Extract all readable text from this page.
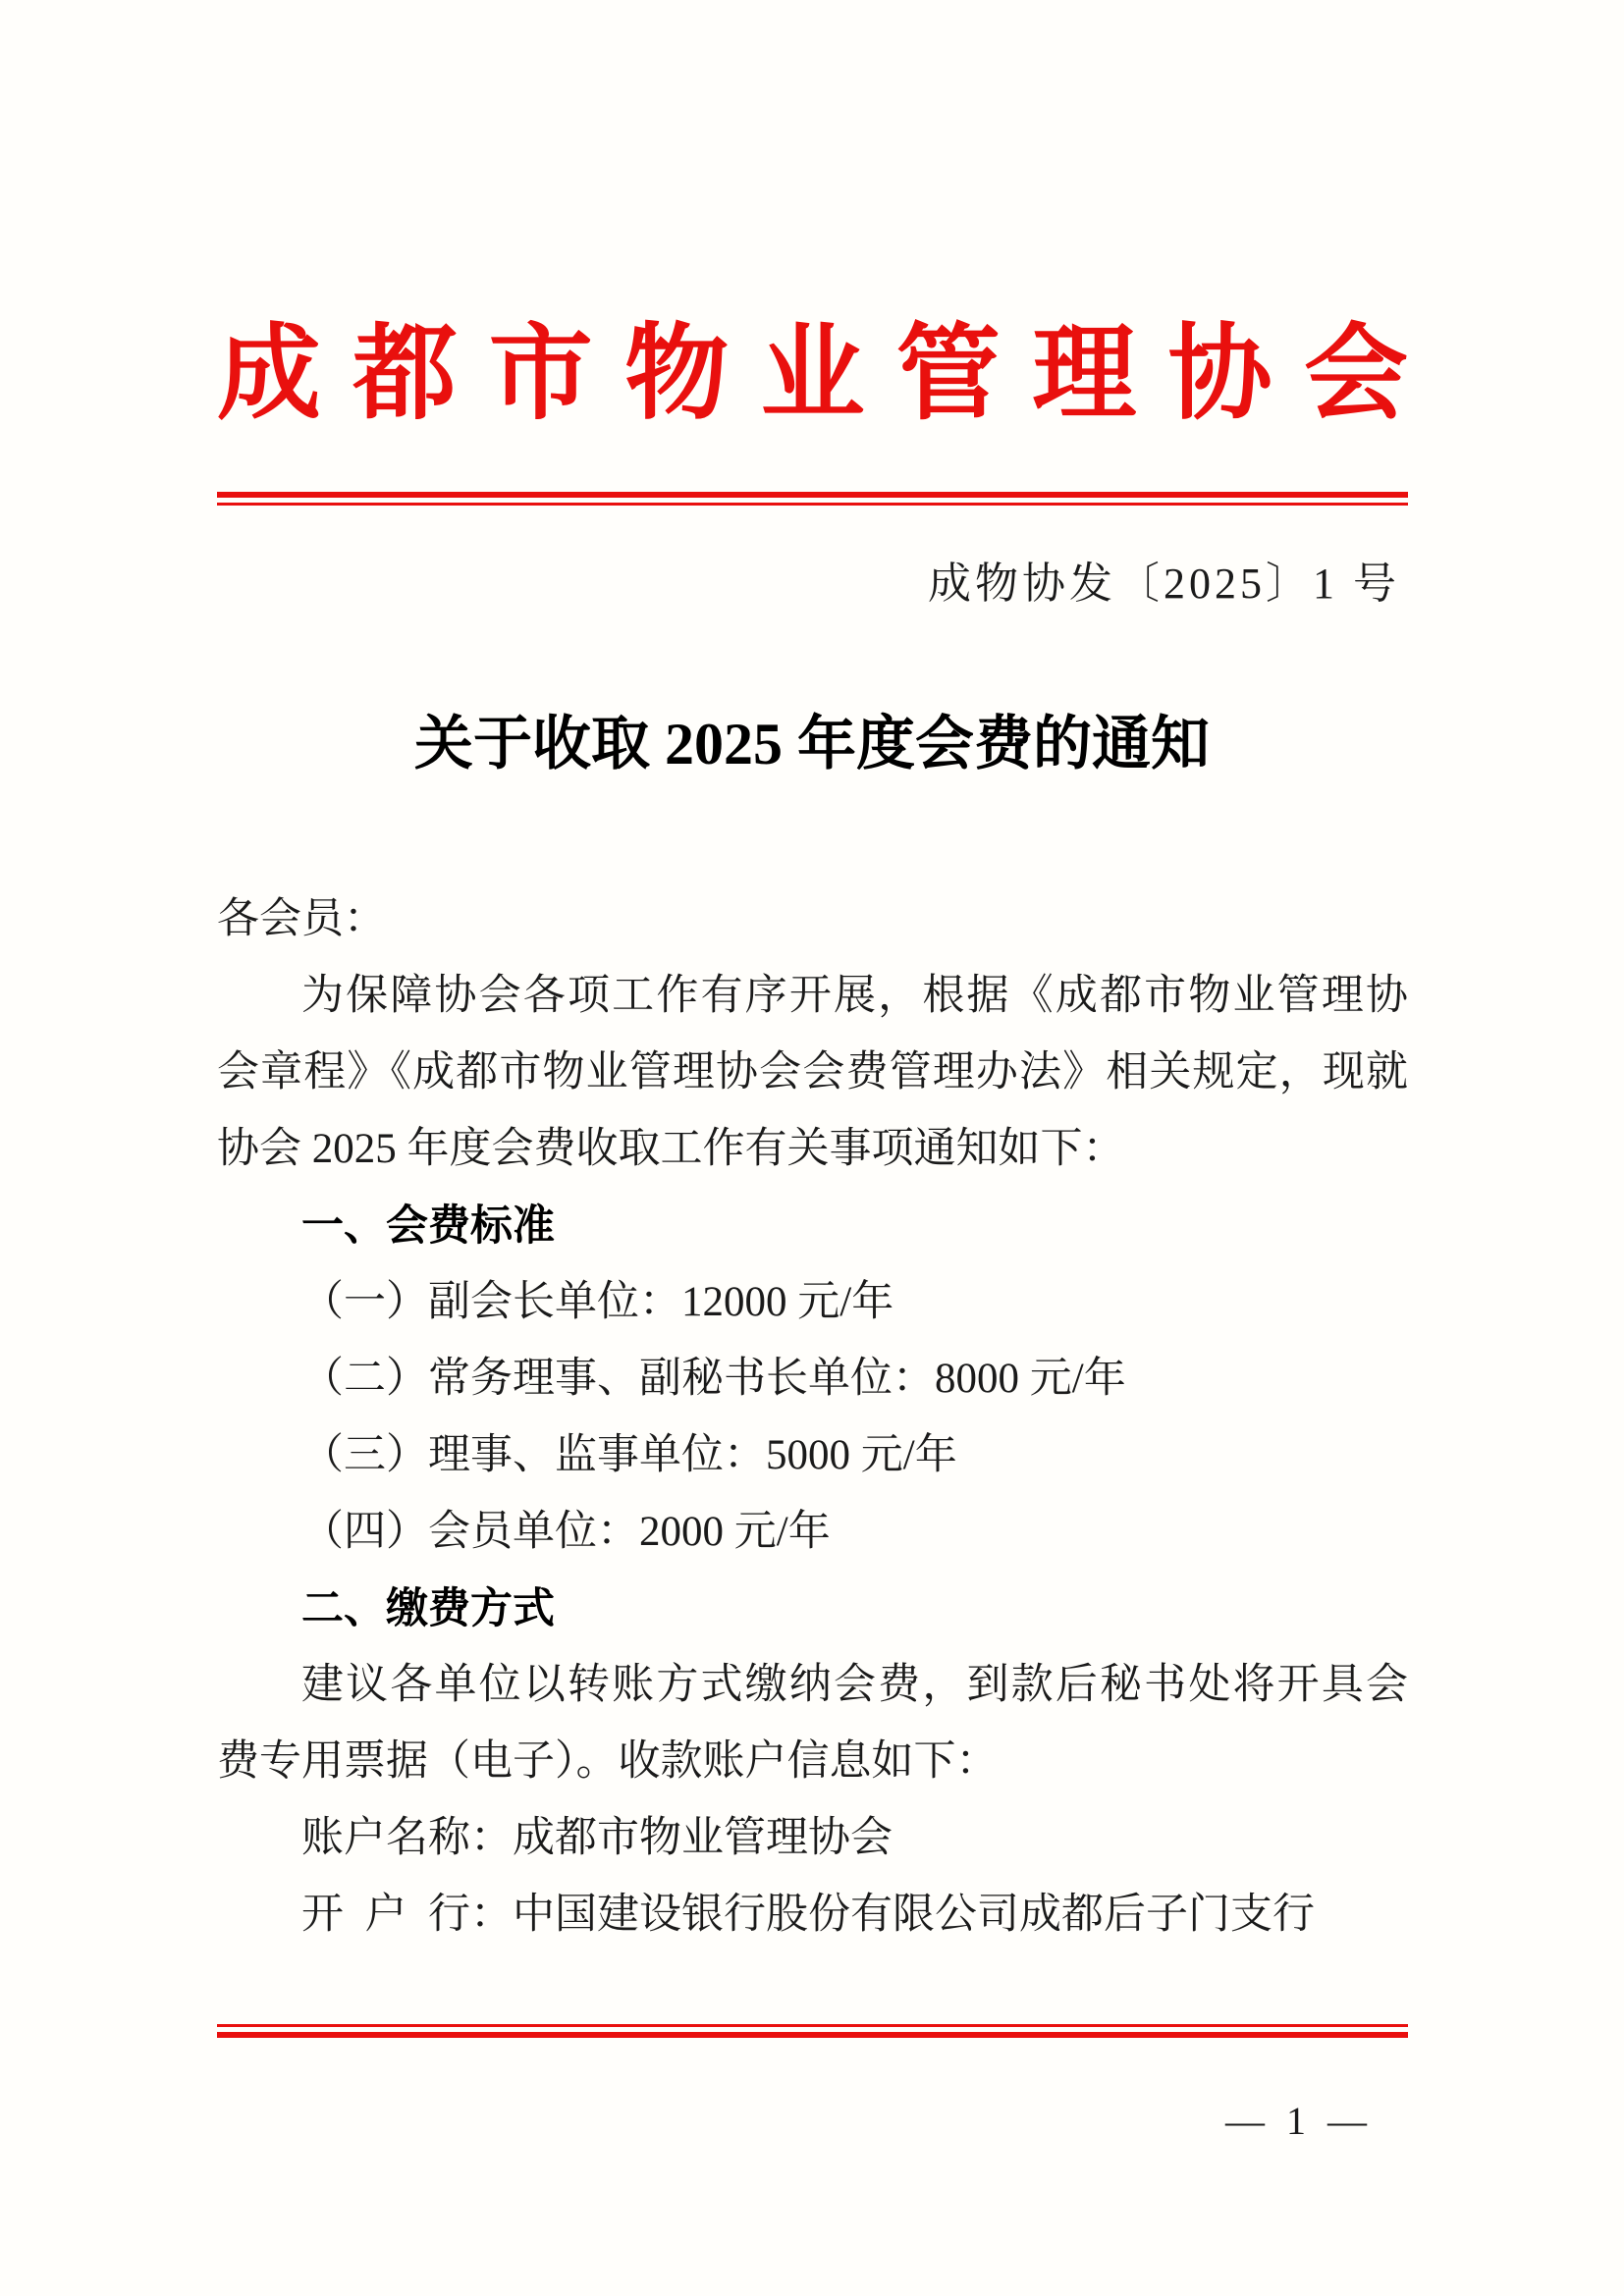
成都市物业管理协会
成物协发〔2025〕1 号
关于收取 2025 年度会费的通知
各会员：
为保障协会各项工作有序开展，根据《成都市物业管理协
会章程》《成都市物业管理协会会费管理办法》相关规定，现就
协会 2025 年度会费收取工作有关事项通知如下：
一、会费标准
（一）副会长单位：12000 元/年
（二）常务理事、副秘书长单位：8000 元/年
（三）理事、监事单位：5000 元/年
（四）会员单位：2000 元/年
二、缴费方式
建议各单位以转账方式缴纳会费，到款后秘书处将开具会
费专用票据（电子）。收款账户信息如下：
账户名称：成都市物业管理协会
开 户 行：中国建设银行股份有限公司成都后子门支行
— 1 —
